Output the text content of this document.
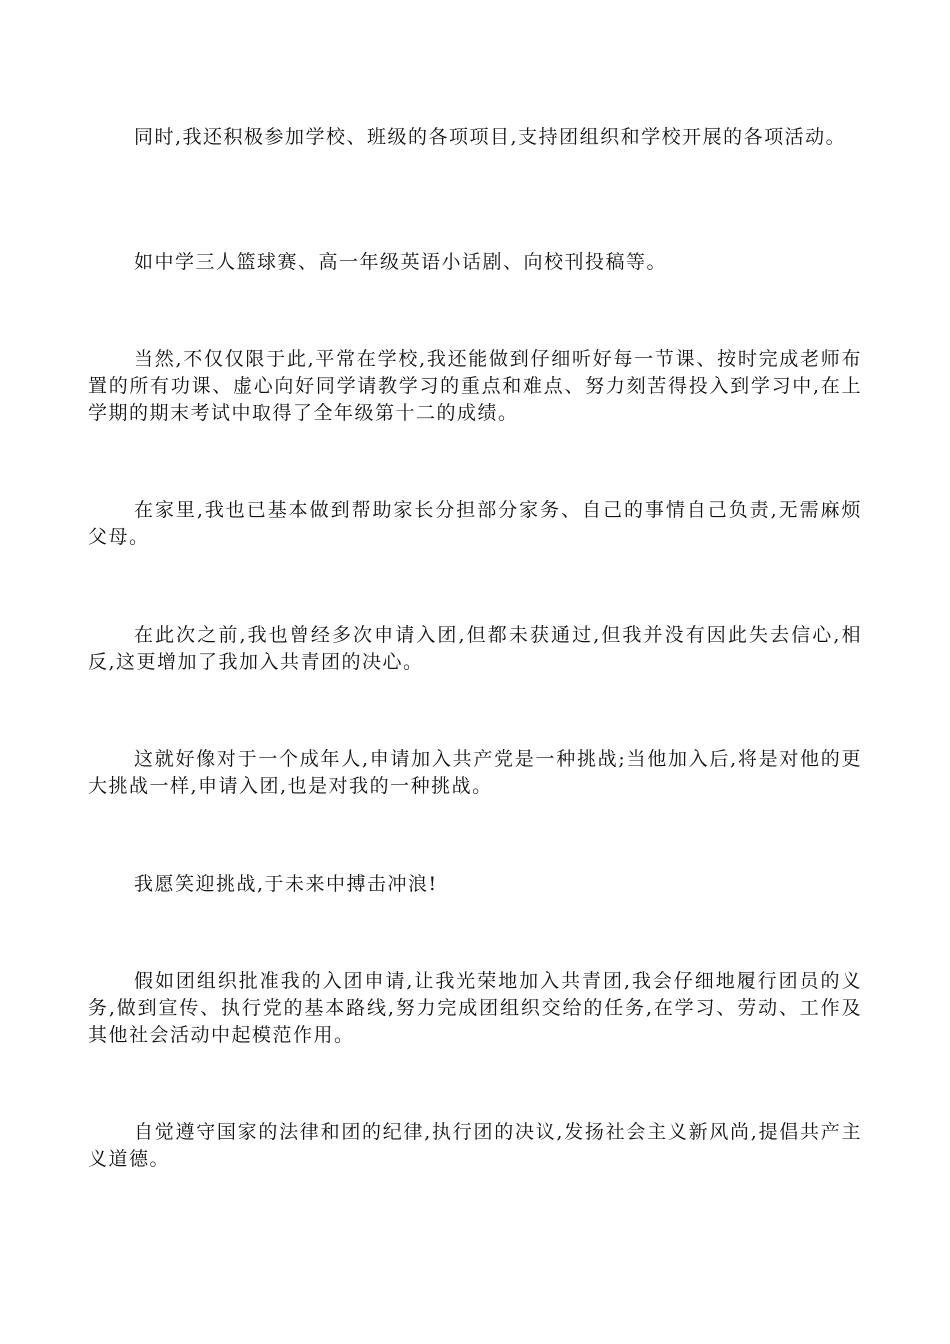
同时,我还积极参加学校、班级的各项项目,支持团组织和学校开展的各项活动。

如中学三人篮球赛、高一年级英语小话剧、向校刊投稿等。

当然,不仅仅限于此,平常在学校,我还能做到仔细听好每一节课、按时完成老师布置的所有功课、虚心向好同学请教学习的重点和难点、努力刻苦得投入到学习中,在上学期的期末考试中取得了全年级第十二的成绩。

在家里,我也已基本做到帮助家长分担部分家务、自己的事情自己负责,无需麻烦父母。

在此次之前,我也曾经多次申请入团,但都未获通过,但我并没有因此失去信心,相反,这更增加了我加入共青团的决心。

这就好像对于一个成年人,申请加入共产党是一种挑战;当他加入后,将是对他的更大挑战一样,申请入团,也是对我的一种挑战。

我愿笑迎挑战,于未来中搏击冲浪!

假如团组织批准我的入团申请,让我光荣地加入共青团,我会仔细地履行团员的义务,做到宣传、执行党的基本路线,努力完成团组织交给的任务,在学习、劳动、工作及其他社会活动中起模范作用。

自觉遵守国家的法律和团的纪律,执行团的决议,发扬社会主义新风尚,提倡共产主义道德。
